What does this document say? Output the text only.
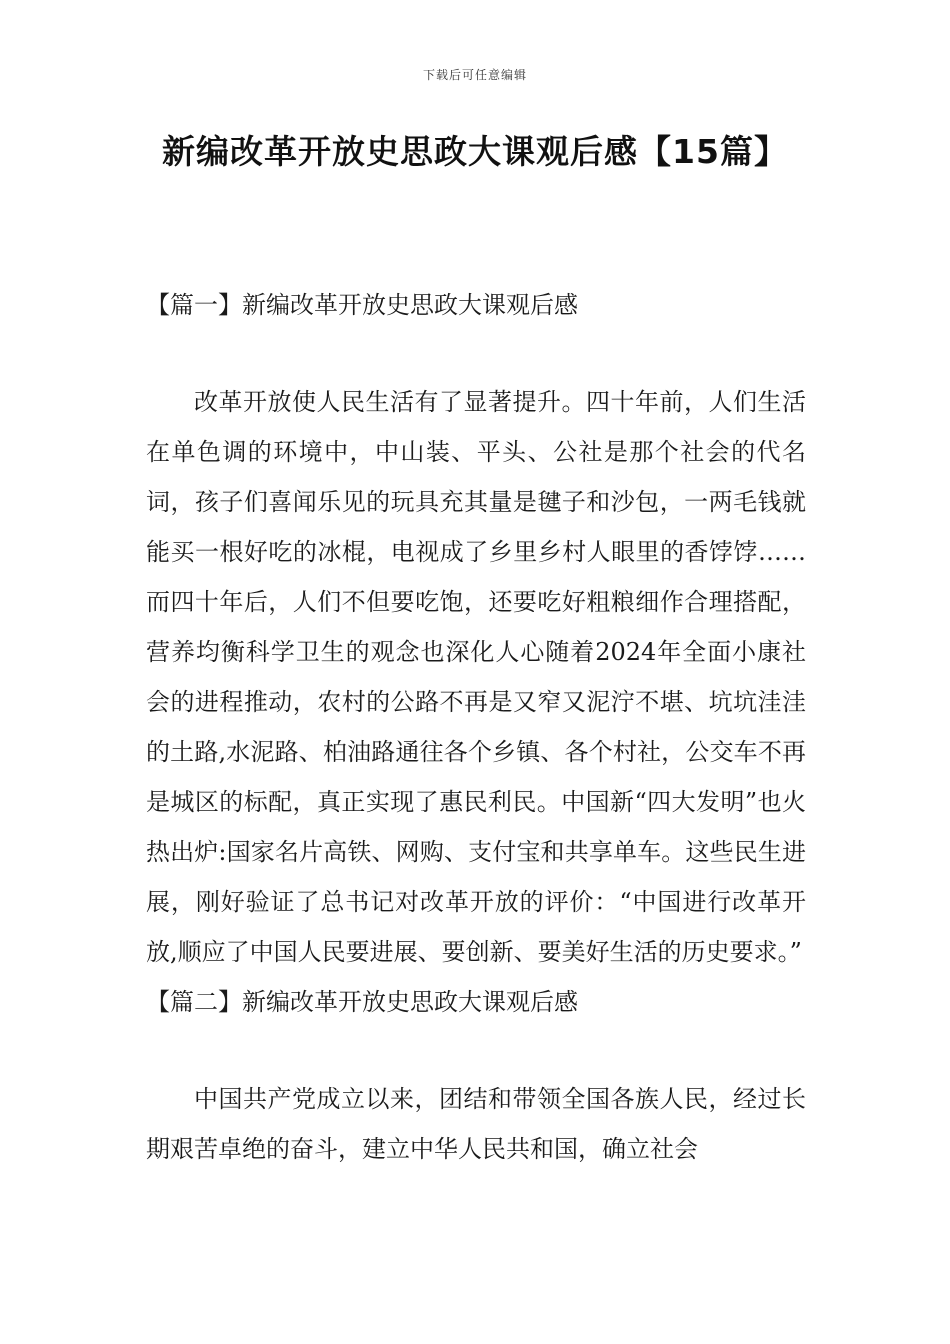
下载后可任意编辑
新编改革开放史思政大课观后感【15篇】

【篇一】新编改革开放史思政大课观后感

改革开放使人民生活有了显著提升。四十年前，人们生活在单色调的环境中，中山装、平头、公社是那个社会的代名词，孩子们喜闻乐见的玩具充其量是毽子和沙包，一两毛钱就能买一根好吃的冰棍，电视成了乡里乡村人眼里的香饽饽……而四十年后，人们不但要吃饱，还要吃好粗粮细作合理搭配，营养均衡科学卫生的观念也深化人心随着2024年全面小康社会的进程推动，农村的公路不再是又窄又泥泞不堪、坑坑洼洼的土路,水泥路、柏油路通往各个乡镇、各个村社，公交车不再是城区的标配，真正实现了惠民利民。中国新“四大发明”也火热出炉:国家名片高铁、网购、支付宝和共享单车。这些民生进展，刚好验证了总书记对改革开放的评价：“中国进行改革开放,顺应了中国人民要进展、要创新、要美好生活的历史要求。”

【篇二】新编改革开放史思政大课观后感

中国共产党成立以来，团结和带领全国各族人民，经过长期艰苦卓绝的奋斗，建立中华人民共和国，确立社会
